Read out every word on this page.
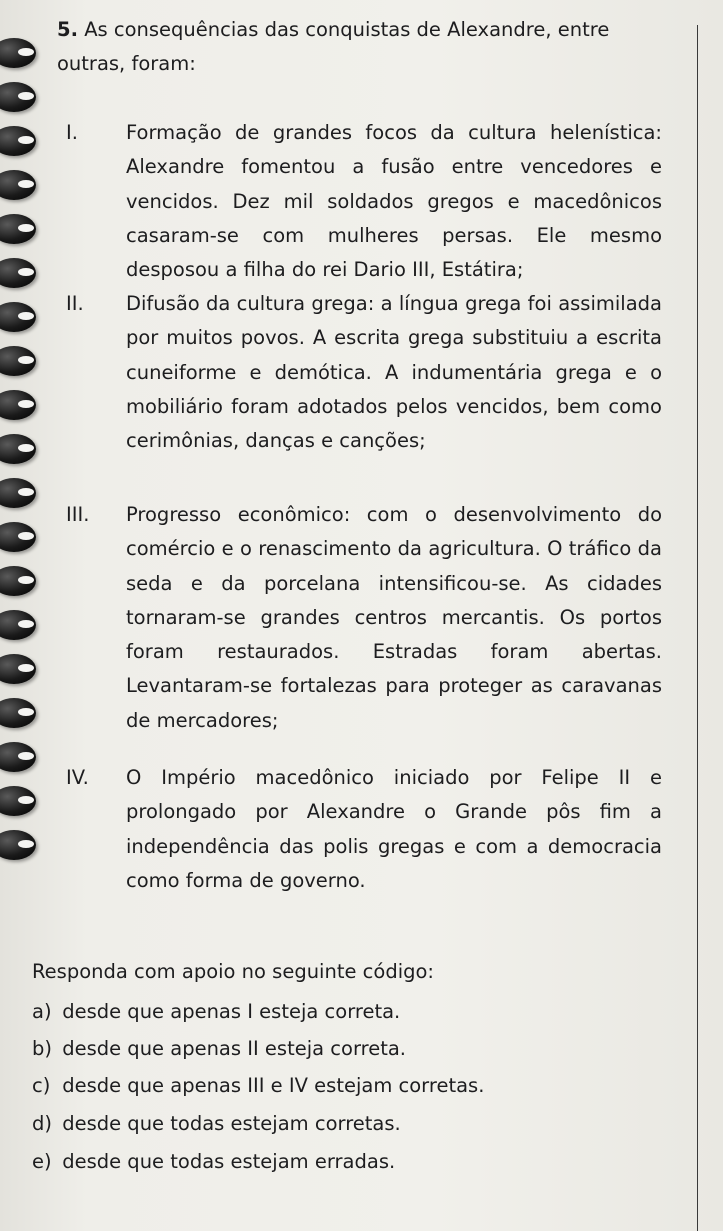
5. As consequências das conquistas de Alexandre, entre outras, foram:
I. Formação de grandes focos da cultura helenística: Alexandre fomentou a fusão entre vencedores e vencidos. Dez mil soldados gregos e macedônicos casaram-se com mulheres persas. Ele mesmo desposou a filha do rei Dario III, Estátira;
II. Difusão da cultura grega: a língua grega foi assimilada por muitos povos. A escrita grega substituiu a escrita cuneiforme e demótica. A indumentária grega e o mobiliário foram adotados pelos vencidos, bem como cerimônias, danças e canções;
III. Progresso econômico: com o desenvolvimento do comércio e o renascimento da agricultura. O tráfico da seda e da porcelana intensificou-se. As cidades tornaram-se grandes centros mercantis. Os portos foram restaurados. Estradas foram abertas. Levantaram-se fortalezas para proteger as caravanas de mercadores;
IV. O Império macedônico iniciado por Felipe II e prolongado por Alexandre o Grande pôs fim a independência das polis gregas e com a democracia como forma de governo.
Responda com apoio no seguinte código:
a) desde que apenas I esteja correta.
b) desde que apenas II esteja correta.
c) desde que apenas III e IV estejam corretas.
d) desde que todas estejam corretas.
e) desde que todas estejam erradas.
